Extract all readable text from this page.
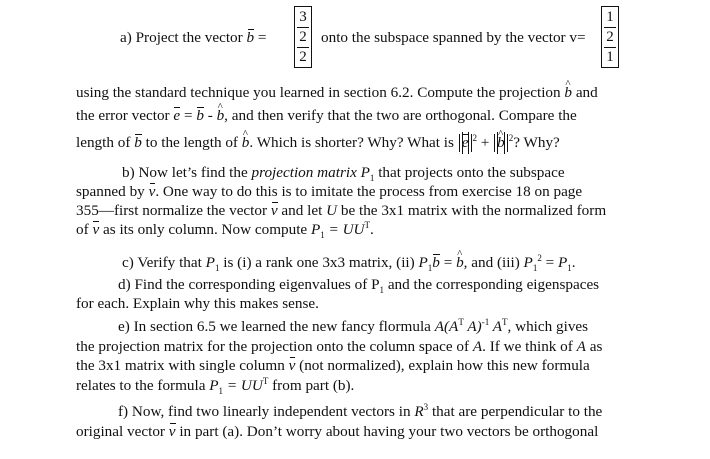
a) Project the vector b =
3
2
2
onto the subspace spanned by the vector v=
1
2
1
using the standard technique you learned in section 6.2. Compute the projection ^ b and
the error vector e = b - ^ b, and then verify that the two are orthogonal. Compare the
length of b to the length of ^ b. Which is shorter? Why? What is e $^2$ + ^ b $^2$? Why?
b) Now let’s find the projection matrix $P_1$ that projects onto the subspace
spanned by v. One way to do this is to imitate the process from exercise 18 on page
355—first normalize the vector v and let U be the 3x1 matrix with the normalized form
of v as its only column. Now compute $P_1 = UU^T$.
c) Verify that $P_1$ is (i) a rank one 3x3 matrix, (ii) $P_1b$ = ^ b, and (iii) $P_1^2 = P_1$.
d) Find the corresponding eigenvalues of $P_1$ and the corresponding eigenspaces
for each. Explain why this makes sense.
e) In section 6.5 we learned the new fancy flormula $A(A^T$ A)$^{-1}$ $A^T$, which gives
the projection matrix for the projection onto the column space of A. If we think of A as
the 3x1 matrix with single column v (not normalized), explain how this new formula
relates to the formula $P_1 = UU^T$ from part (b).
f) Now, find two linearly independent vectors in $R^3$ that are perpendicular to the
original vector v in part (a). Don’t worry about having your two vectors be orthogonal
